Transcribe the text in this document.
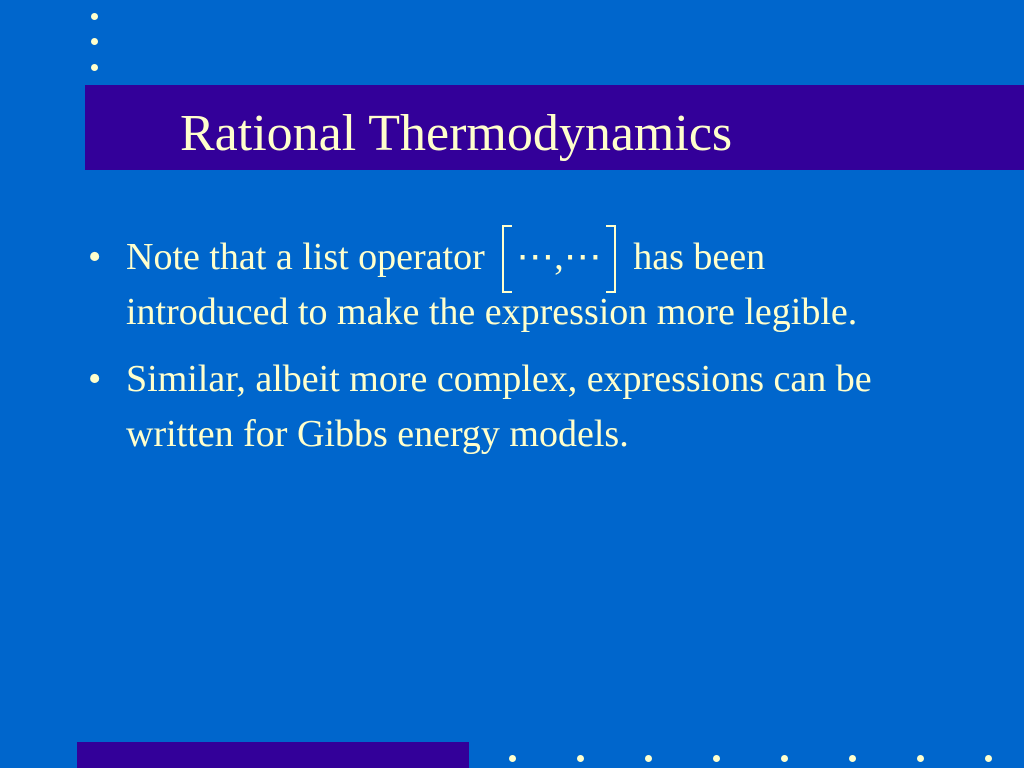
Rational Thermodynamics
• Note that a list operator
⋯,⋯
has been introduced to make the expression more legible.
• Similar, albeit more complex, expressions can be written for Gibbs energy models.
